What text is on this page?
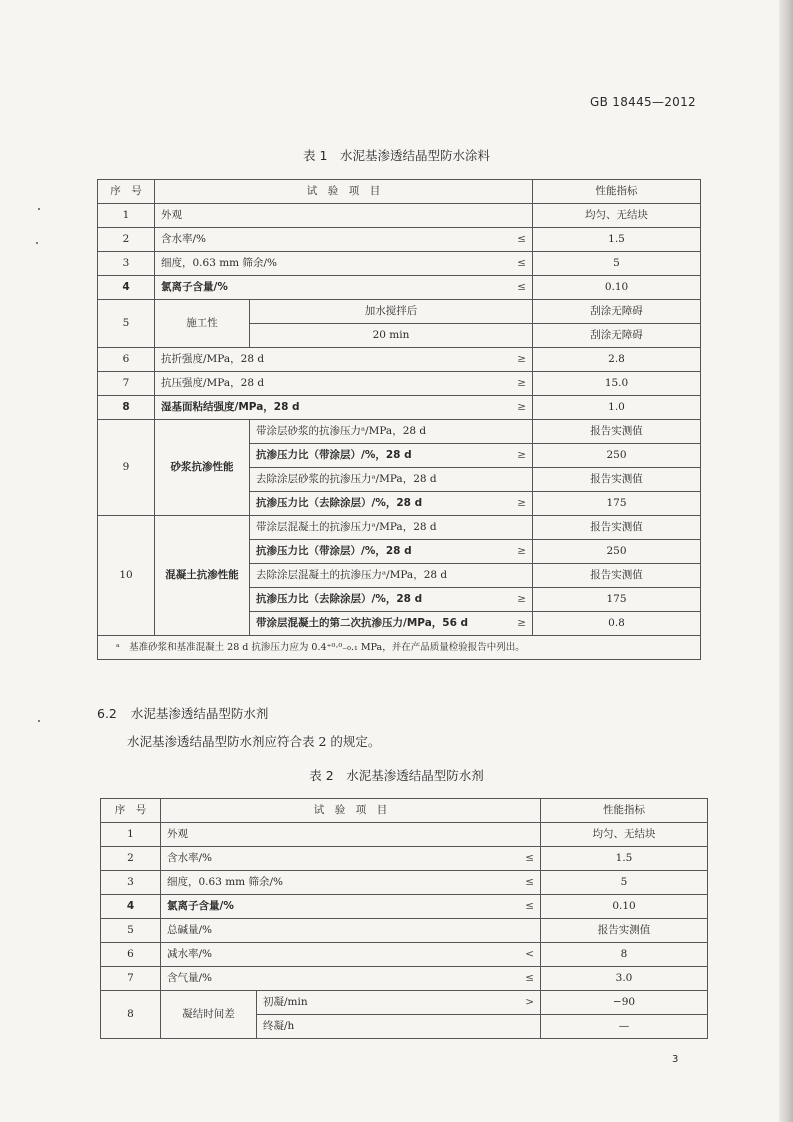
GB 18445—2012
表 1　水泥基渗透结晶型防水涂料
序　号	试　验　项　目			性能指标
1	外观			均匀、无结块
2	含水率/%		≤	1.5
3	细度，0.63 mm 筛余/%		≤	5
4	氯离子含量/%		≤	0.10
5	施工性	加水搅拌后		刮涂无障碍
		20 min		刮涂无障碍
6	抗折强度/MPa，28 d		≥	2.8
7	抗压强度/MPa，28 d		≥	15.0
8	湿基面粘结强度/MPa，28 d		≥	1.0
9	砂浆抗渗性能	带涂层砂浆的抗渗压力ᵃ/MPa，28 d		报告实测值
		抗渗压力比（带涂层）/%，28 d	≥	250
		去除涂层砂浆的抗渗压力ᵃ/MPa，28 d		报告实测值
		抗渗压力比（去除涂层）/%，28 d	≥	175
10	混凝土抗渗性能	带涂层混凝土的抗渗压力ᵃ/MPa，28 d		报告实测值
		抗渗压力比（带涂层）/%，28 d	≥	250
		去除涂层混凝土的抗渗压力ᵃ/MPa，28 d		报告实测值
		抗渗压力比（去除涂层）/%，28 d	≥	175
		带涂层混凝土的第二次抗渗压力/MPa，56 d	≥	0.8
ᵃ　基准砂浆和基准混凝土 28 d 抗渗压力应为 0.4⁺⁰·⁰₋₀.₁ MPa，并在产品质量检验报告中列出。				
6.2 水泥基渗透结晶型防水剂
水泥基渗透结晶型防水剂应符合表 2 的规定。
表 2　水泥基渗透结晶型防水剂
序　号	试　验　项　目			性能指标
1	外观			均匀、无结块
2	含水率/%		≤	1.5
3	细度，0.63 mm 筛余/%		≤	5
4	氯离子含量/%		≤	0.10
5	总碱量/%			报告实测值
6	减水率/%		<	8
7	含气量/%		≤	3.0
8	凝结时间差	初凝/min	>	−90
		终凝/h		—
3
